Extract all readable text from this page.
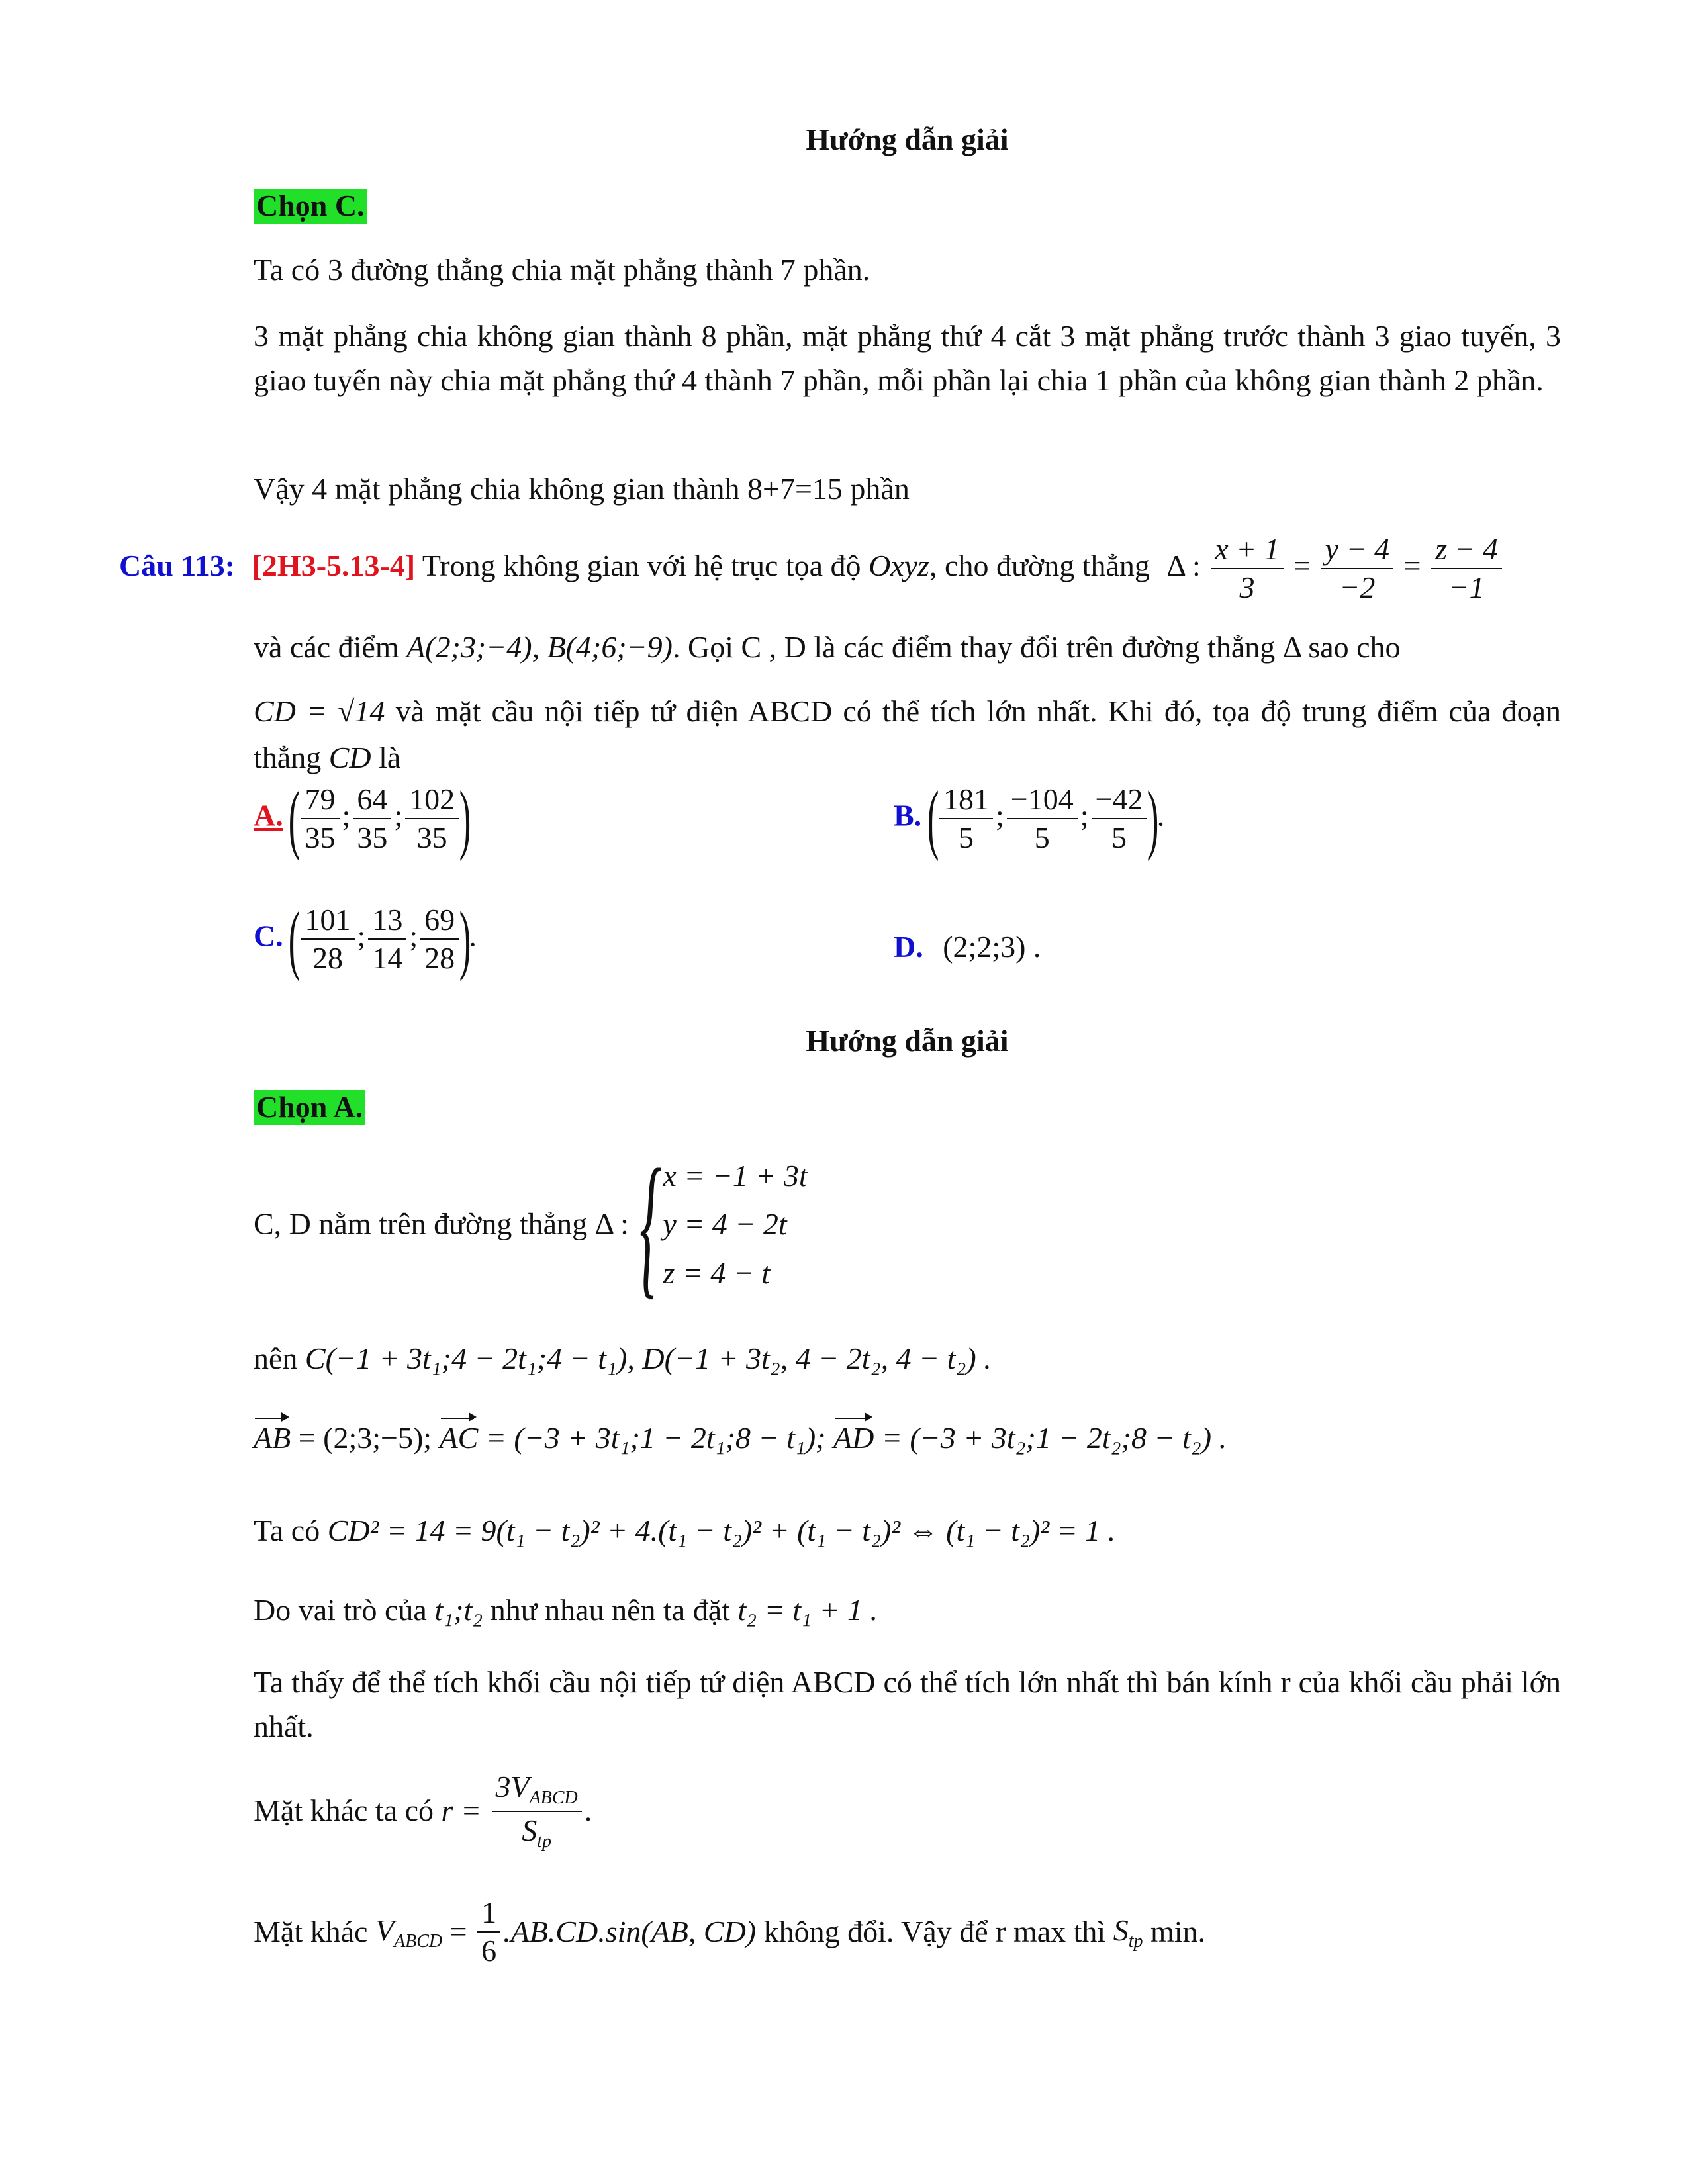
Hướng dẫn giải
Chọn C.
Ta có 3 đường thẳng chia mặt phẳng thành 7 phần.
3 mặt phẳng chia không gian thành 8 phần, mặt phẳng thứ 4 cắt 3 mặt phẳng trước thành 3 giao tuyến, 3 giao tuyến này chia mặt phẳng thứ 4 thành 7 phần, mỗi phần lại chia 1 phần của không gian thành 2 phần.
Vậy 4 mặt phẳng chia không gian thành 8+7=15 phần
Câu 113: [2H3-5.13-4] Trong không gian với hệ trục tọa độ Oxyz, cho đường thẳng Δ : $\frac{x + 1}{3} = \frac{y - 4}{-2} = \frac{z - 4}{-1}$
và các điểm A(2;3;−4), B(4;6;−9). Gọi C , D là các điểm thay đổi trên đường thẳng Δ sao cho
CD = √14 và mặt cầu nội tiếp tứ diện ABCD có thể tích lớn nhất. Khi đó, tọa độ trung điểm của đoạn thẳng CD là
A. ( $\frac{79}{35}$ ; $\frac{64}{35}$ ; $\frac{102}{35}$ )	B. ( $\frac{181}{5}$ ; $\frac{-104}{5}$ ; $\frac{-42}{5}$ ).
C. ( $\frac{101}{28}$ ; $\frac{13}{14}$ ; $\frac{69}{28}$ ).	D. (2;2;3) .
Hướng dẫn giải
Chọn A.
C, D nằm trên đường thẳng Δ : { x = −1 + 3t
y = 4 − 2t
z = 4 − t
nên C(−1 + 3t₁;4 − 2t₁;4 − t₁), D(−1 + 3t₂, 4 − 2t₂, 4 − t₂) .
AB = (2;3;−5); AC = (−3 + 3t₁;1 − 2t₁;8 − t₁); AD = (−3 + 3t₂;1 − 2t₂;8 − t₂) .
Ta có CD² = 14 = 9(t₁ − t₂)² + 4.(t₁ − t₂)² + (t₁ − t₂)² ⇔ (t₁ − t₂)² = 1 .
Do vai trò của t₁;t₂ như nhau nên ta đặt t₂ = t₁ + 1 .
Ta thấy để thể tích khối cầu nội tiếp tứ diện ABCD có thể tích lớn nhất thì bán kính r của khối cầu phải lớn nhất.
Mặt khác ta có $r = \frac{3V_{ABCD}}{S_{tp}}$ .
Mặt khác $V_{ABCD} = \frac{1}{6} .AB.CD.\sin(AB$, CD) không đổi. Vậy để r max thì $S_{tp}$ min.
